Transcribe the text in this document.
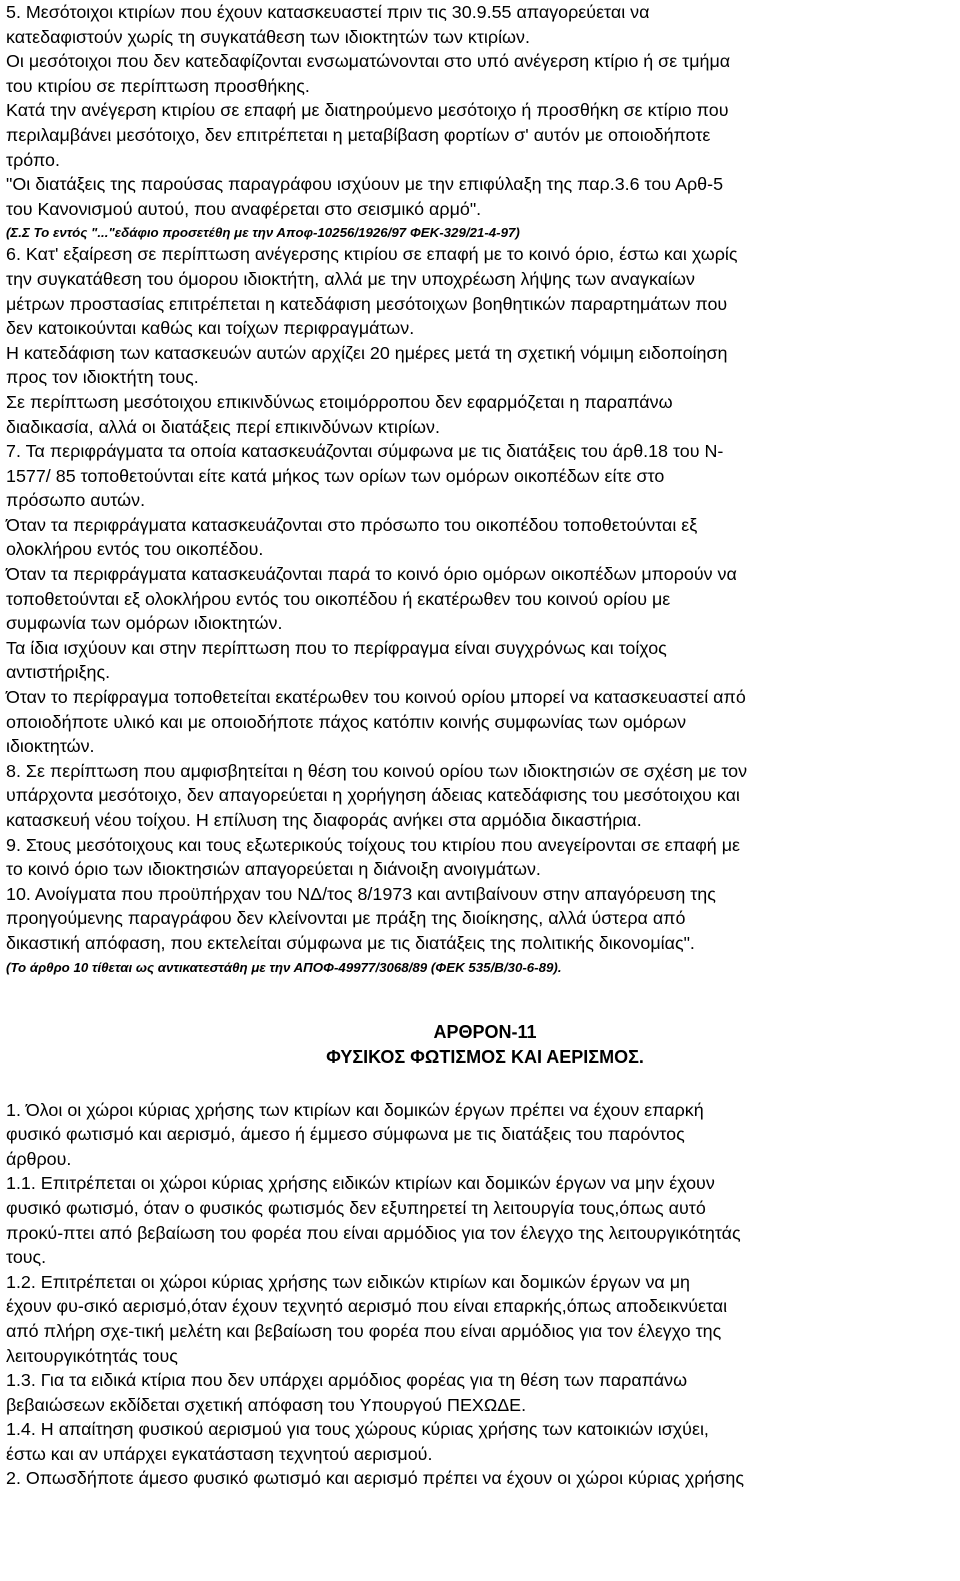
5. Μεσότοιχοι κτιρίων που έχουν κατασκευαστεί πριν τις 30.9.55 απαγορεύεται να
κατεδαφιστούν χωρίς τη συγκατάθεση των ιδιοκτητών των κτιρίων.
Οι μεσότοιχοι που δεν κατεδαφίζονται ενσωματώνονται στο υπό ανέγερση κτίριο ή σε τμήμα
του κτιρίου σε περίπτωση προσθήκης.
Κατά την ανέγερση κτιρίου σε επαφή με διατηρούμενο μεσότοιχο ή προσθήκη σε κτίριο που
περιλαμβάνει μεσότοιχο, δεν επιτρέπεται η μεταβίβαση φορτίων σ' αυτόν με οποιοδήποτε
τρόπο.
"Οι διατάξεις της παρούσας παραγράφου ισχύουν με την επιφύλαξη της παρ.3.6 του Αρθ-5
του Κανονισμού αυτού, που αναφέρεται στο σεισμικό αρμό".
(Σ.Σ Το εντός "..."εδάφιο προσετέθη με την Αποφ-10256/1926/97 ΦΕΚ-329/21-4-97)
6. Κατ' εξαίρεση σε περίπτωση ανέγερσης κτιρίου σε επαφή με το κοινό όριο, έστω και χωρίς
την συγκατάθεση του όμορου ιδιοκτήτη, αλλά με την υποχρέωση λήψης των αναγκαίων
μέτρων προστασίας επιτρέπεται η κατεδάφιση μεσότοιχων βοηθητικών παραρτημάτων που
δεν κατοικούνται καθώς και τοίχων περιφραγμάτων.
Η κατεδάφιση των κατασκευών αυτών αρχίζει 20 ημέρες μετά τη σχετική νόμιμη ειδοποίηση
προς τον ιδιοκτήτη τους.
Σε περίπτωση μεσότοιχου επικινδύνως ετοιμόρροπου δεν εφαρμόζεται η παραπάνω
διαδικασία, αλλά οι διατάξεις περί επικινδύνων κτιρίων.
7. Τα περιφράγματα τα οποία κατασκευάζονται σύμφωνα με τις διατάξεις του άρθ.18 του Ν-
1577/ 85 τοποθετούνται είτε κατά μήκος των ορίων των ομόρων οικοπέδων είτε στο
πρόσωπο αυτών.
Όταν τα περιφράγματα κατασκευάζονται στο πρόσωπο του οικοπέδου τοποθετούνται εξ
ολοκλήρου εντός του οικοπέδου.
Όταν τα περιφράγματα κατασκευάζονται παρά το κοινό όριο ομόρων οικοπέδων μπορούν να
τοποθετούνται εξ ολοκλήρου εντός του οικοπέδου ή εκατέρωθεν του κοινού ορίου με
συμφωνία των ομόρων ιδιοκτητών.
Τα ίδια ισχύουν και στην περίπτωση που το περίφραγμα είναι συγχρόνως και τοίχος
αντιστήριξης.
Όταν το περίφραγμα τοποθετείται εκατέρωθεν του κοινού ορίου μπορεί να κατασκευαστεί από
οποιοδήποτε υλικό και με οποιοδήποτε πάχος κατόπιν κοινής συμφωνίας των ομόρων
ιδιοκτητών.
8. Σε περίπτωση που αμφισβητείται η θέση του κοινού ορίου των ιδιοκτησιών σε σχέση με τον
υπάρχοντα μεσότοιχο, δεν απαγορεύεται η χορήγηση άδειας κατεδάφισης του μεσότοιχου και
κατασκευή νέου τοίχου. Η επίλυση της διαφοράς ανήκει στα αρμόδια δικαστήρια.
9. Στους μεσότοιχους και τους εξωτερικούς τοίχους του κτιρίου που ανεγείρονται σε επαφή με
το κοινό όριο των ιδιοκτησιών απαγορεύεται η διάνοιξη ανοιγμάτων.
10. Ανοίγματα που προϋπήρχαν του ΝΔ/τος 8/1973 και αντιβαίνουν στην απαγόρευση της
προηγούμενης παραγράφου δεν κλείνονται με πράξη της διοίκησης, αλλά ύστερα από
δικαστική απόφαση, που εκτελείται σύμφωνα με τις διατάξεις της πολιτικής δικονομίας".
(Το άρθρο 10 τίθεται ως αντικατεστάθη με την ΑΠΟΦ-49977/3068/89 (ΦΕΚ 535/Β/30-6-89).
ΑΡΘΡΟΝ-11
ΦΥΣΙΚΟΣ ΦΩΤΙΣΜΟΣ ΚΑΙ ΑΕΡΙΣΜΟΣ.
1. Όλοι οι χώροι κύριας χρήσης των κτιρίων και δομικών έργων πρέπει να έχουν επαρκή
φυσικό φωτισμό και αερισμό, άμεσο ή έμμεσο σύμφωνα με τις διατάξεις του παρόντος
άρθρου.
1.1. Επιτρέπεται οι χώροι κύριας χρήσης ειδικών κτιρίων και δομικών έργων να μην έχουν
φυσικό φωτισμό, όταν ο φυσικός φωτισμός δεν εξυπηρετεί τη λειτουργία τους,όπως αυτό
προκύ-πτει από βεβαίωση του φορέα που είναι αρμόδιος για τον έλεγχο της λειτουργικότητάς
τους.
1.2. Επιτρέπεται οι χώροι κύριας χρήσης των ειδικών κτιρίων και δομικών έργων να μη
έχουν φυ-σικό αερισμό,όταν έχουν τεχνητό αερισμό που είναι επαρκής,όπως αποδεικνύεται
από πλήρη σχε-τική μελέτη και βεβαίωση του φορέα που είναι αρμόδιος για τον έλεγχο της
λειτουργικότητάς τους
1.3. Για τα ειδικά κτίρια που δεν υπάρχει αρμόδιος φορέας για τη θέση των παραπάνω
βεβαιώσεων εκδίδεται σχετική απόφαση του Υπουργού ΠΕΧΩΔΕ.
1.4. Η απαίτηση φυσικού αερισμού για τους χώρους κύριας χρήσης των κατοικιών ισχύει,
έστω και αν υπάρχει εγκατάσταση τεχνητού αερισμού.
2. Οπωσδήποτε άμεσο φυσικό φωτισμό και αερισμό πρέπει να έχουν οι χώροι κύριας χρήσης
